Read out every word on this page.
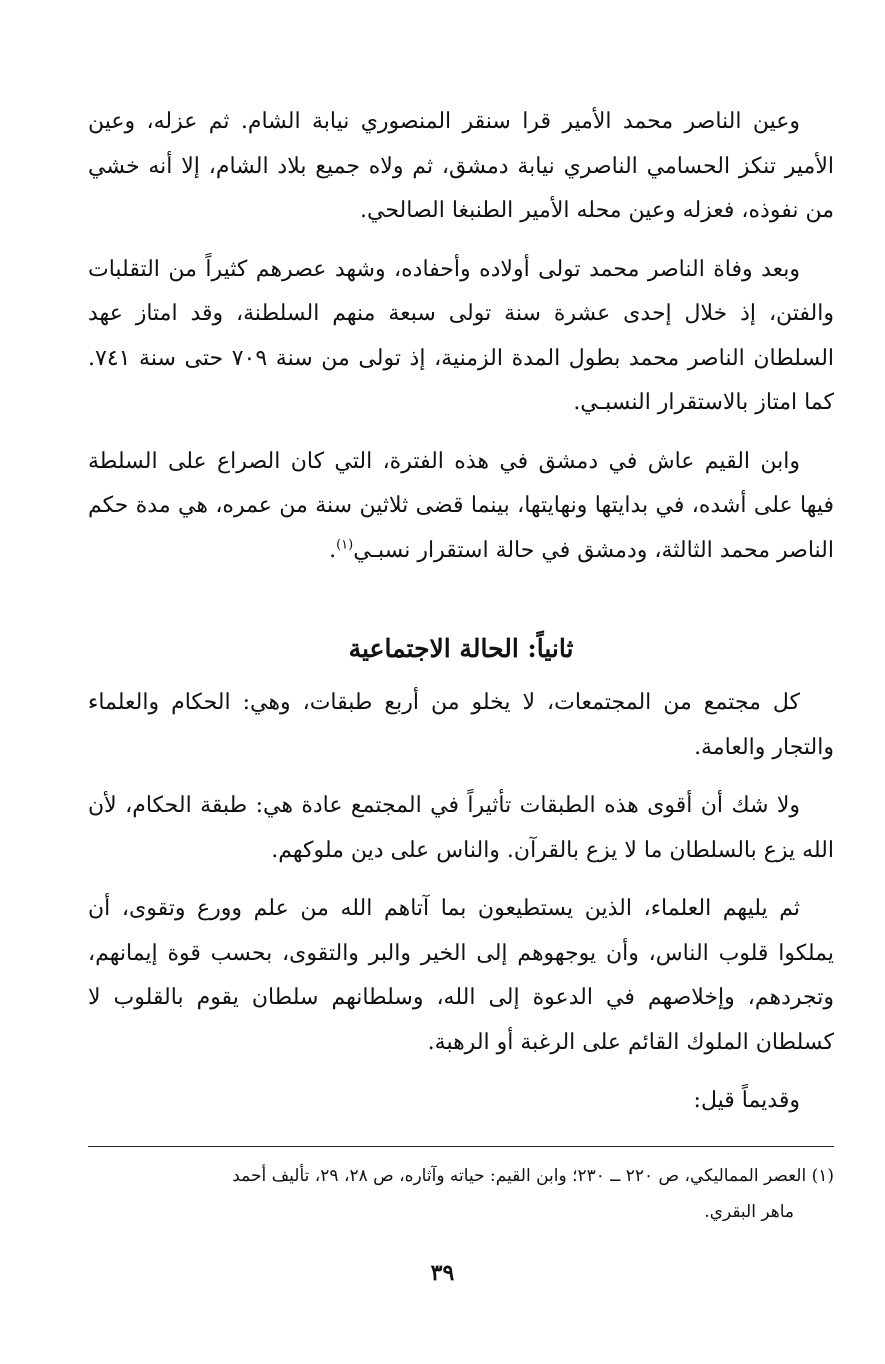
وعين الناصر محمد الأمير قرا سنقر المنصوري نيابة الشام. ثم عزله، وعين الأمير تنكز الحسامي الناصري نيابة دمشق، ثم ولاه جميع بلاد الشام، إلا أنه خشي من نفوذه، فعزله وعين محله الأمير الطنبغا الصالحي.

وبعد وفاة الناصر محمد تولى أولاده وأحفاده، وشهد عصرهم كثيراً من التقلبات والفتن، إذ خلال إحدى عشرة سنة تولى سبعة منهم السلطنة، وقد امتاز عهد السلطان الناصر محمد بطول المدة الزمنية، إذ تولى من سنة ٧٠٩ حتى سنة ٧٤١. كما امتاز بالاستقرار النسبـي.

وابن القيم عاش في دمشق في هذه الفترة، التي كان الصراع على السلطة فيها على أشده، في بدايتها ونهايتها، بينما قضى ثلاثين سنة من عمره، هي مدة حكم الناصر محمد الثالثة، ودمشق في حالة استقرار نسبـي$^{(١)}$.

ثانياً: الحالة الاجتماعية

كل مجتمع من المجتمعات، لا يخلو من أربع طبقات، وهي: الحكام والعلماء والتجار والعامة.

ولا شك أن أقوى هذه الطبقات تأثيراً في المجتمع عادة هي: طبقة الحكام، لأن الله يزع بالسلطان ما لا يزع بالقرآن. والناس على دين ملوكهم.

ثم يليهم العلماء، الذين يستطيعون بما آتاهم الله من علم وورع وتقوى، أن يملكوا قلوب الناس، وأن يوجهوهم إلى الخير والبر والتقوى، بحسب قوة إيمانهم، وتجردهم، وإخلاصهم في الدعوة إلى الله، وسلطانهم سلطان يقوم بالقلوب لا كسلطان الملوك القائم على الرغبة أو الرهبة.

وقديماً قيل:

(١) العصر المماليكي، ص ٢٢٠ ــ ٢٣٠؛ وابن القيم: حياته وآثاره، ص ٢٨، ٢٩، تأليف أحمد
ماهر البقري.
٣٩
